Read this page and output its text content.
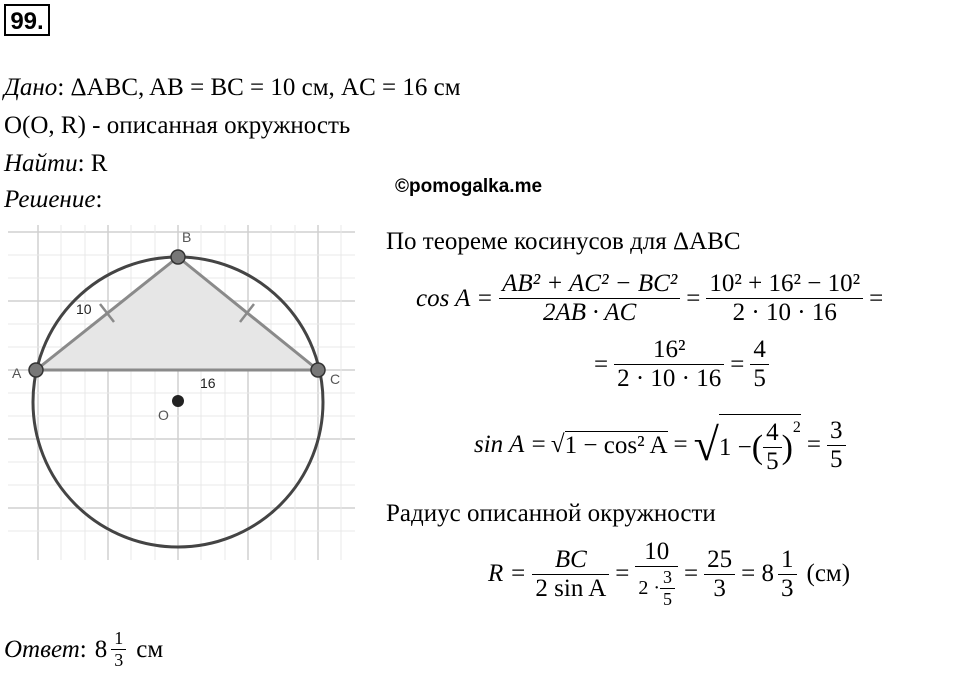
99.
Дано: ΔABC, AB = BC = 10 см, AC = 16 см
O(O, R) - описанная окружность
Найти: R
Решение:	©pomogalka.me
A
B
C
O
10
16
По теореме косинусов для ΔABC
$\cos A = \frac{\text{AB² + AC² − BC²}}{2AB \cdot AC} = \frac{\text{10² + 16² − 10²}}{2 \cdot 10 \cdot 16}$ =
= $\frac{\text{16²}}{2 \cdot 10 \cdot 16} = \frac{4}{5}$
sin A = √ 1 − cos² A = √ 1 − ( $\frac{4}{5}$ )
2
= $\frac{3}{5}$
Радиус описанной окружности
$R = \frac{BC}{\text{2 sin A}} = \frac{10}{2 \cdot \frac{3}{5}} = \frac{25}{3} = 8 \frac{1}{3} (см)$
Ответ : $8 \frac{1}{3}$ см
